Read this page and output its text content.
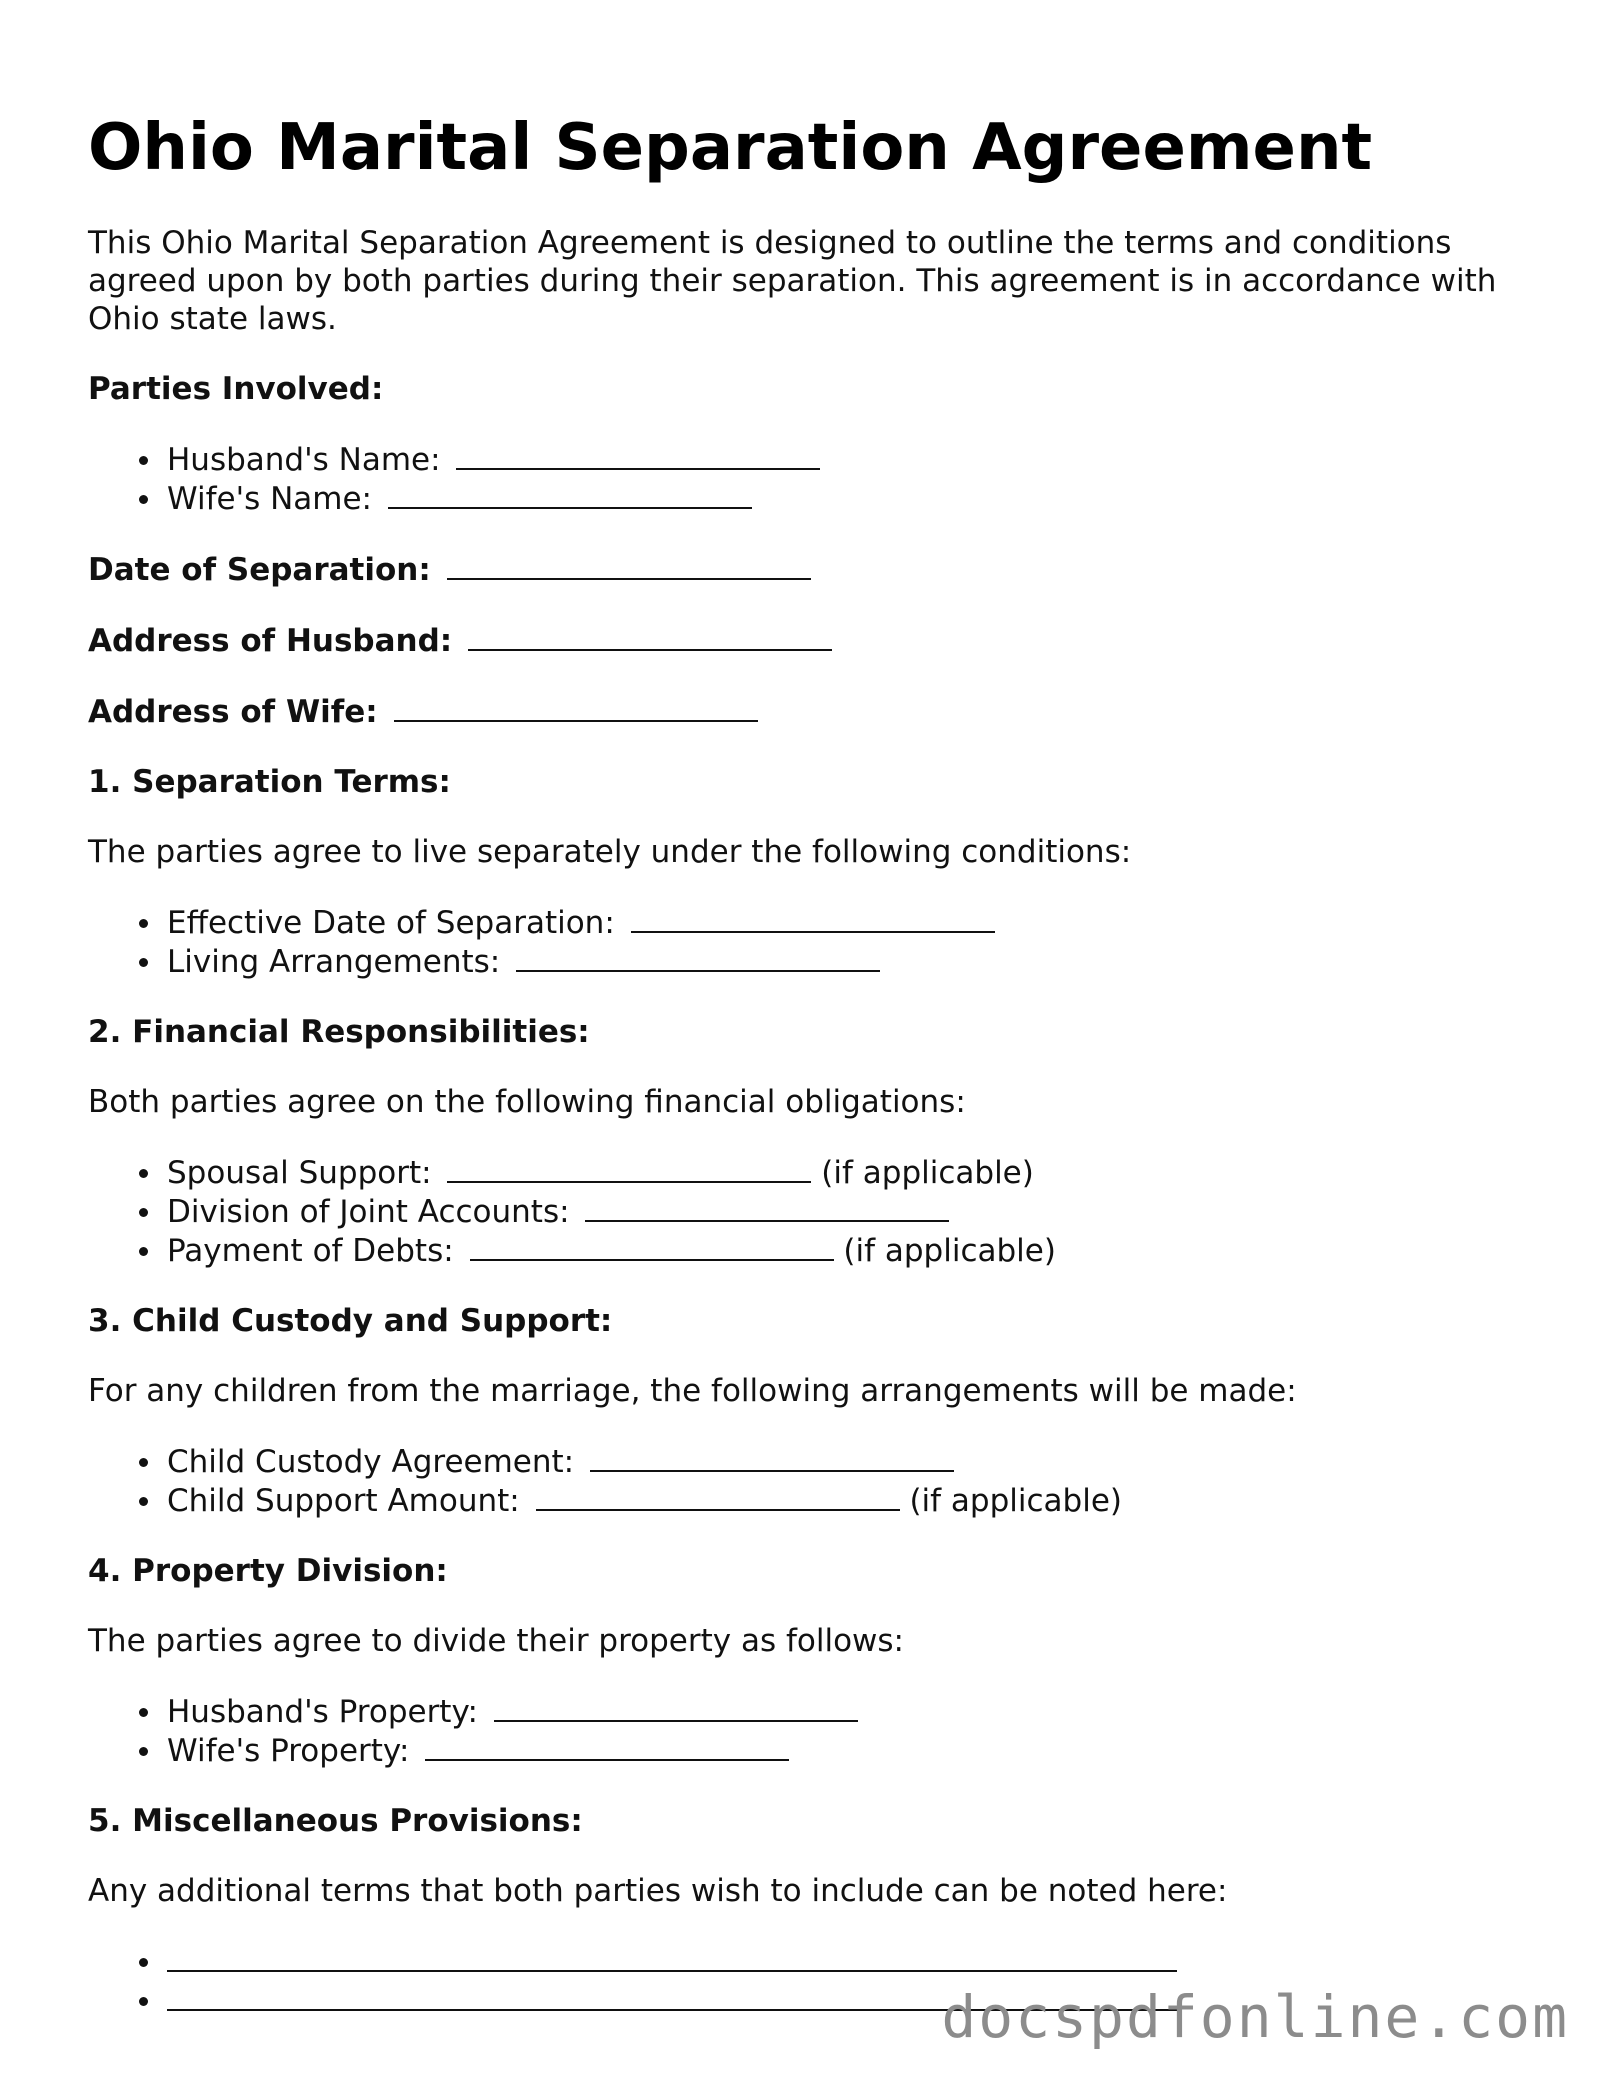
Ohio Marital Separation Agreement

This Ohio Marital Separation Agreement is designed to outline the terms and conditions agreed upon by both parties during their separation. This agreement is in accordance with Ohio state laws.

Parties Involved:
Husband's Name:
Wife's Name:

Date of Separation:

Address of Husband:

Address of Wife:

1. Separation Terms:

The parties agree to live separately under the following conditions:

Effective Date of Separation:
Living Arrangements:
2. Financial Responsibilities:

Both parties agree on the following financial obligations:

Spousal Support:	(if applicable)
Division of Joint Accounts:
Payment of Debts:	(if applicable)
3. Child Custody and Support:

For any children from the marriage, the following arrangements will be made:

Child Custody Agreement:
Child Support Amount:	(if applicable)
4. Property Division:

The parties agree to divide their property as follows:

Husband's Property:
Wife's Property:
5. Miscellaneous Provisions:

Any additional terms that both parties wish to include can be noted here:

docspdfonline.com
